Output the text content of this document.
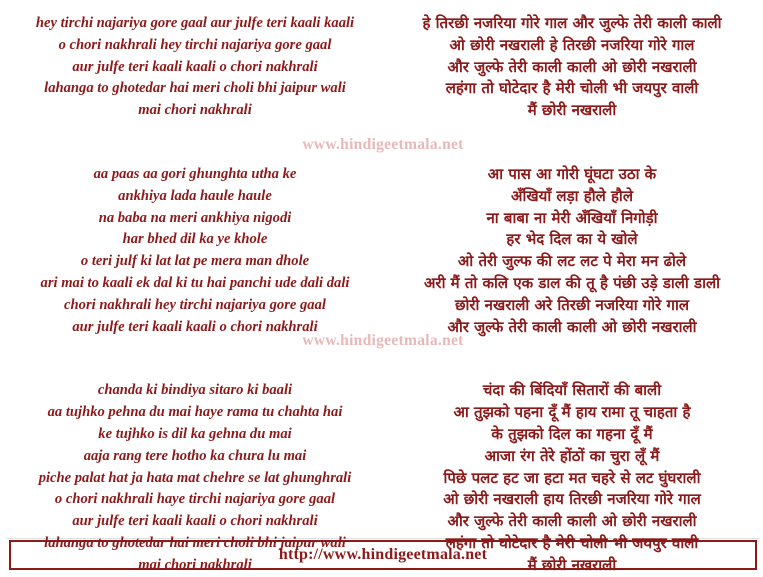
www.hindigeetmala.net
www.hindigeetmala.net
hey tirchi najariya gore gaal aur julfe teri kaali kaali
o chori nakhrali hey tirchi najariya gore gaal
aur julfe teri kaali kaali o chori nakhrali
lahanga to ghotedar hai meri choli bhi jaipur wali
mai chori nakhrali
aa paas aa gori ghunghta utha ke
ankhiya lada haule haule
na baba na meri ankhiya nigodi
har bhed dil ka ye khole
o teri julf ki lat lat pe mera man dhole
ari mai to kaali ek dal ki tu hai panchi ude dali dali
chori nakhrali hey tirchi najariya gore gaal
aur julfe teri kaali kaali o chori nakhrali
chanda ki bindiya sitaro ki baali
aa tujhko pehna du mai haye rama tu chahta hai
ke tujhko is dil ka gehna du mai
aaja rang tere hotho ka chura lu mai
piche palat hat ja hata mat chehre se lat ghunghrali
o chori nakhrali haye tirchi najariya gore gaal
aur julfe teri kaali kaali o chori nakhrali
lahanga to ghotedar hai meri choli bhi jaipur wali
mai chori nakhrali
हे तिरछी नजरिया गोरे गाल और जुल्फे तेरी काली काली
ओ छोरी नखराली हे तिरछी नजरिया गोरे गाल
और जुल्फे तेरी काली काली ओ छोरी नखराली
लहंगा तो घोटेदार है मेरी चोली भी जयपुर वाली
मैं छोरी नखराली
आ पास आ गोरी घूंघटा उठा के
अँखियाँ लड़ा हौले हौले
ना बाबा ना मेरी अँखियाँ निगोड़ी
हर भेद दिल का ये खोले
ओ तेरी जुल्फ की लट लट पे मेरा मन ढोले
अरी मैं तो कलि एक डाल की तू है पंछी उड़े डाली डाली
छोरी नखराली अरे तिरछी नजरिया गोरे गाल
और जुल्फे तेरी काली काली ओ छोरी नखराली
चंदा की बिंदियाँ सितारों की बाली
आ तुझको पहना दूँ मैं हाय रामा तू चाहता है
के तुझको दिल का गहना दूँ मैं
आजा रंग तेरे होंठों का चुरा लूँ मैं
पिछे पलट हट जा हटा मत चहरे से लट घुंघराली
ओ छोरी नखराली हाय तिरछी नजरिया गोरे गाल
और जुल्फे तेरी काली काली ओ छोरी नखराली
लहंगा तो घोटेदार है मेरी चोली भी जयपुर वाली
मैं छोरी नखराली
http://www.hindigeetmala.net
